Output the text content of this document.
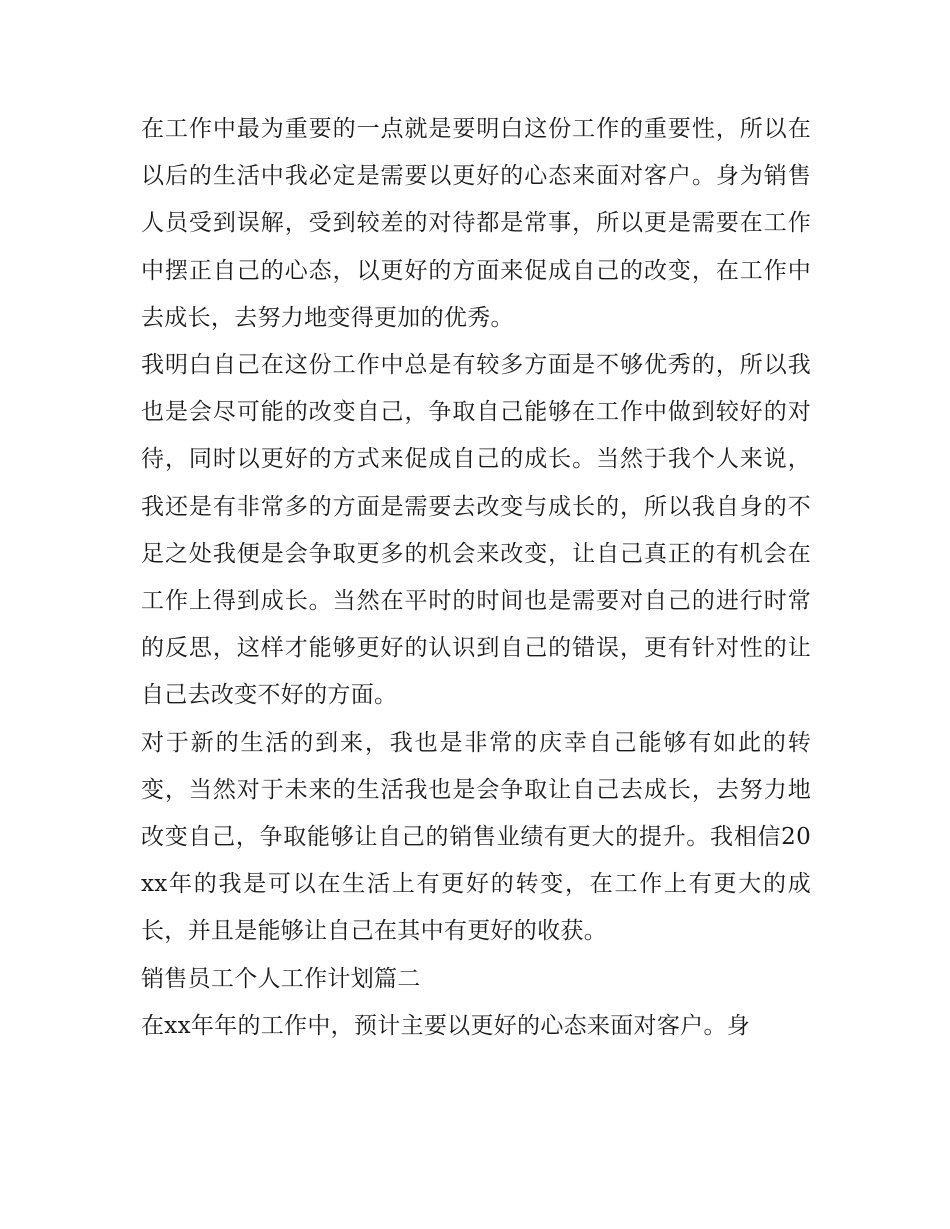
在工作中最为重要的一点就是要明白这份工作的重要性，所以在以后的生活中我必定是需要以更好的心态来面对客户。身为销售人员受到误解，受到较差的对待都是常事，所以更是需要在工作中摆正自己的心态，以更好的方面来促成自己的改变，在工作中去成长，去努力地变得更加的优秀。

我明白自己在这份工作中总是有较多方面是不够优秀的，所以我也是会尽可能的改变自己，争取自己能够在工作中做到较好的对待，同时以更好的方式来促成自己的成长。当然于我个人来说，我还是有非常多的方面是需要去改变与成长的，所以我自身的不足之处我便是会争取更多的机会来改变，让自己真正的有机会在工作上得到成长。当然在平时的时间也是需要对自己的进行时常的反思，这样才能够更好的认识到自己的错误，更有针对性的让自己去改变不好的方面。

对于新的生活的到来，我也是非常的庆幸自己能够有如此的转变，当然对于未来的生活我也是会争取让自己去成长，去努力地改变自己，争取能够让自己的销售业绩有更大的提升。我相信20xx年的我是可以在生活上有更好的转变，在工作上有更大的成长，并且是能够让自己在其中有更好的收获。

销售员工个人工作计划篇二

在xx年年的工作中，预计主要以更好的心态来面对客户。身
